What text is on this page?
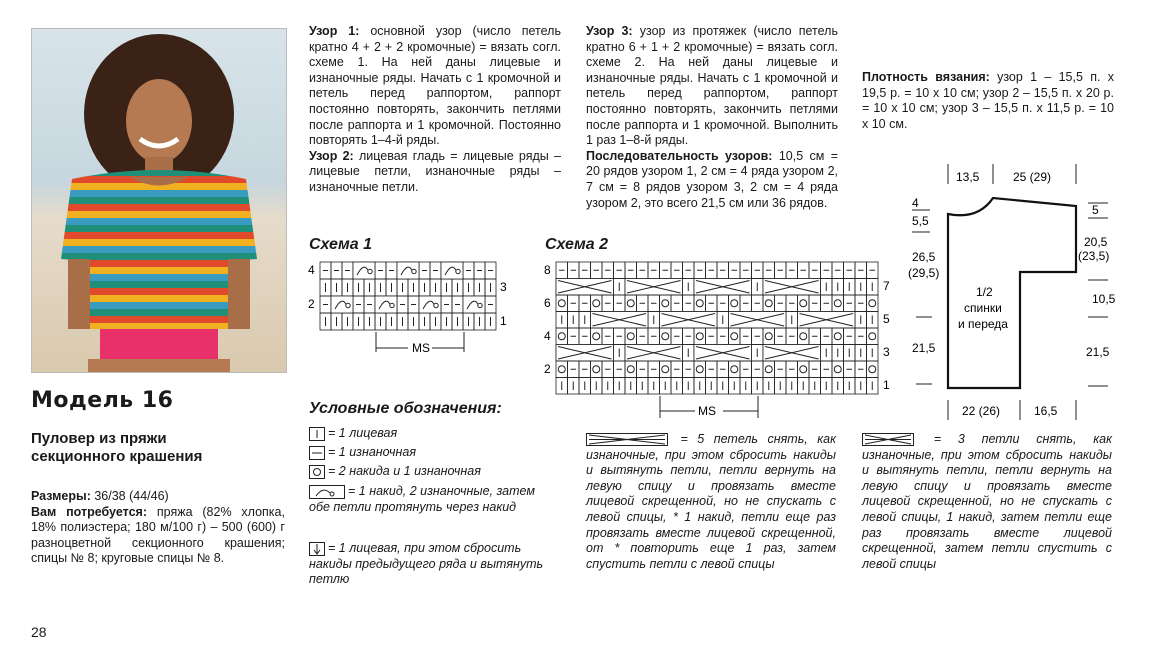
Модель 16
Пуловер из пряжи секционного крашения
Размеры: 36/38 (44/46)
Вам потребуется: пряжа (82% хлопка, 18% полиэстера; 180 м/100 г) – 500 (600) г разноцветной секционного крашения; спицы № 8; круговые спицы № 8.
28
Узор 1: основной узор (число петель кратно 4 + 2 + 2 кромочные) = вязать согл. схеме 1. На ней даны лицевые и изнаночные ряды. Начать с 1 кромочной и петель перед раппортом, раппорт постоянно повторять, закончить петлями после раппорта и 1 кромочной. Постоянно повторять 1–4-й ряды.
Узор 2: лицевая гладь = лицевые ряды – лицевые петли, изнаночные ряды – изнаночные петли.
Узор 3: узор из протяжек (число петель кратно 6 + 1 + 2 кромочные) = вязать согл. схеме 2. На ней даны лицевые и изнаночные ряды. Начать с 1 кромочной и петель перед раппортом, раппорт постоянно повторять, закончить петлями после раппорта и 1 кромочной. Выполнить 1 раз 1–8-й ряды.
Последовательность узоров: 10,5 см = 20 рядов узором 1, 2 см = 4 ряда узором 2, 7 см = 8 рядов узором 3, 2 см = 4 ряда узором 2, это всего 21,5 см или 36 рядов.
Плотность вязания: узор 1 – 15,5 п. х 19,5 р. = 10 х 10 см; узор 2 – 15,5 п. х 20 р. = 10 х 10 см; узор 3 – 15,5 п. х 11,5 р. = 10 х 10 см.
Схема 1
4
2
3
1
MS
Схема 2
8
6
4
2
7
5
3
1
MS
Условные обозначения:
= 1 лицевая
= 1 изнаночная
= 2 накида и 1 изнаночная
= 1 накид, 2 изнаночные, затем обе петли протянуть через накид
= 1 лицевая, при этом сбросить накиды предыдущего ряда и вытянуть петлю
= 5 петель снять, как изнаночные, при этом сбросить накиды и вытянуть петли, петли вернуть на левую спицу и провязать вместе лицевой скрещенной, но не спускать с левой спицы, * 1 накид, петли еще раз провязать вместе лицевой скрещенной, от * повторить еще 1 раз, затем спустить петли с левой спицы
= 3 петли снять, как изнаночные, при этом сбросить накиды и вытянуть петли, петли вернуть на левую спицу и провязать вместе лицевой скрещенной, но не спускать с левой спицы, 1 накид, затем петли еще раз провязать вместе лицевой скрещенной, затем петли спустить с левой спицы
13,5	25 (29)
4
5,5
26,5
(29,5)
21,5
5
20,5
(23,5)
10,5
21,5
1/2
спинки
и переда
22 (26)	16,5
